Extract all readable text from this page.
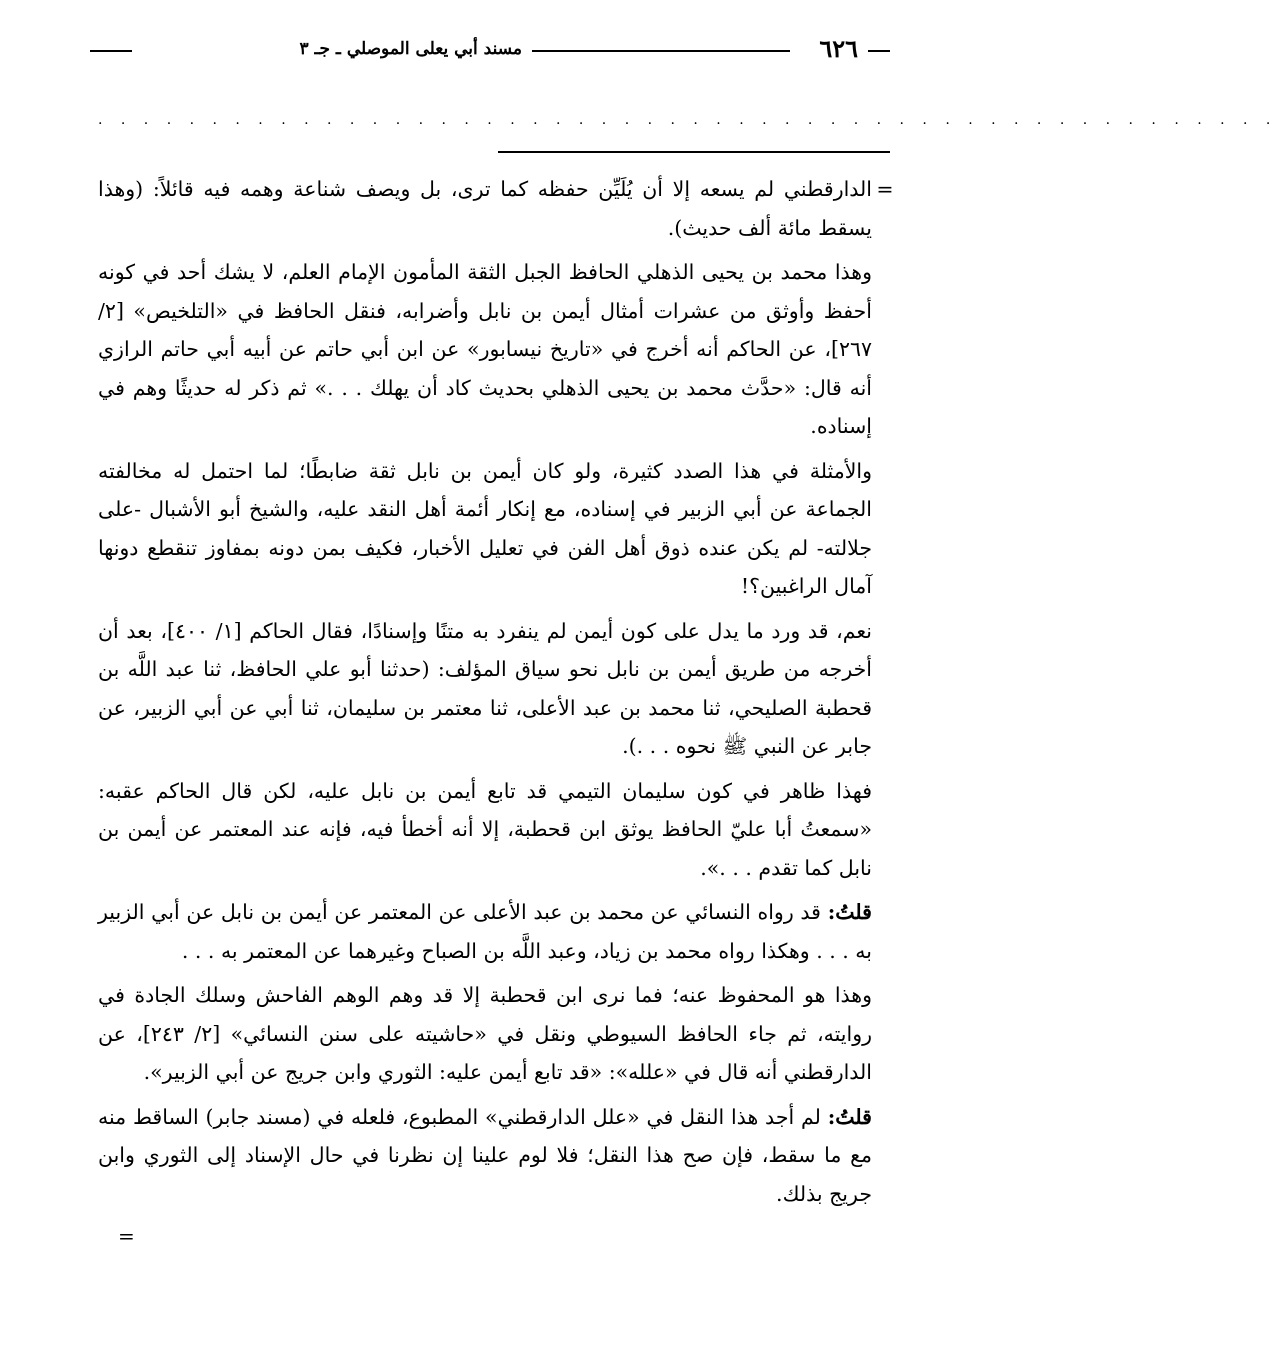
٦٢٦
مسند أبي يعلى الموصلي ـ جـ ٣
. . . . . . . . . . . . . . . . . . . . . . . . . . . . . . . . . . . . . . . . . . . . . . . . . . . .
=

الدارقطني لم يسعه إلا أن يُلَيِّن حفظه كما ترى، بل ويصف شناعة وهمه فيه قائلاً: (وهذا يسقط مائة ألف حديث).

وهذا محمد بن يحيى الذهلي الحافظ الجبل الثقة المأمون الإمام العلم، لا يشك أحد في كونه أحفظ وأوثق من عشرات أمثال أيمن بن نابل وأضرابه، فنقل الحافظ في «التلخيص» [٢/ ٢٦٧]، عن الحاكم أنه أخرج في «تاريخ نيسابور» عن ابن أبي حاتم عن أبيه أبي حاتم الرازي أنه قال: «حدَّث محمد بن يحيى الذهلي بحديث كاد أن يهلك . . .» ثم ذكر له حديثًا وهم في إسناده.

والأمثلة في هذا الصدد كثيرة، ولو كان أيمن بن نابل ثقة ضابطًا؛ لما احتمل له مخالفته الجماعة عن أبي الزبير في إسناده، مع إنكار أئمة أهل النقد عليه، والشيخ أبو الأشبال -على جلالته- لم يكن عنده ذوق أهل الفن في تعليل الأخبار، فكيف بمن دونه بمفاوز تنقطع دونها آمال الراغبين؟!

نعم، قد ورد ما يدل على كون أيمن لم ينفرد به متنًا وإسنادًا، فقال الحاكم [١/ ٤٠٠]، بعد أن أخرجه من طريق أيمن بن نابل نحو سياق المؤلف: (حدثنا أبو علي الحافظ، ثنا عبد اللَّه بن قحطبة الصليحي، ثنا محمد بن عبد الأعلى، ثنا معتمر بن سليمان، ثنا أبي عن أبي الزبير، عن جابر عن النبي ﷺ نحوه . . .).

فهذا ظاهر في كون سليمان التيمي قد تابع أيمن بن نابل عليه، لكن قال الحاكم عقبه: «سمعتُ أبا عليّ الحافظ يوثق ابن قحطبة، إلا أنه أخطأ فيه، فإنه عند المعتمر عن أيمن بن نابل كما تقدم . . .».

قلتُ: قد رواه النسائي عن محمد بن عبد الأعلى عن المعتمر عن أيمن بن نابل عن أبي الزبير به . . . وهكذا رواه محمد بن زياد، وعبد اللَّه بن الصباح وغيرهما عن المعتمر به . . .

وهذا هو المحفوظ عنه؛ فما نرى ابن قحطبة إلا قد وهم الوهم الفاحش وسلك الجادة في روايته، ثم جاء الحافظ السيوطي ونقل في «حاشيته على سنن النسائي» [٢/ ٢٤٣]، عن الدارقطني أنه قال في «علله»: «قد تابع أيمن عليه: الثوري وابن جريج عن أبي الزبير».

قلتُ: لم أجد هذا النقل في «علل الدارقطني» المطبوع، فلعله في (مسند جابر) الساقط منه مع ما سقط، فإن صح هذا النقل؛ فلا لوم علينا إن نظرنا في حال الإسناد إلى الثوري وابن جريج بذلك.

=
